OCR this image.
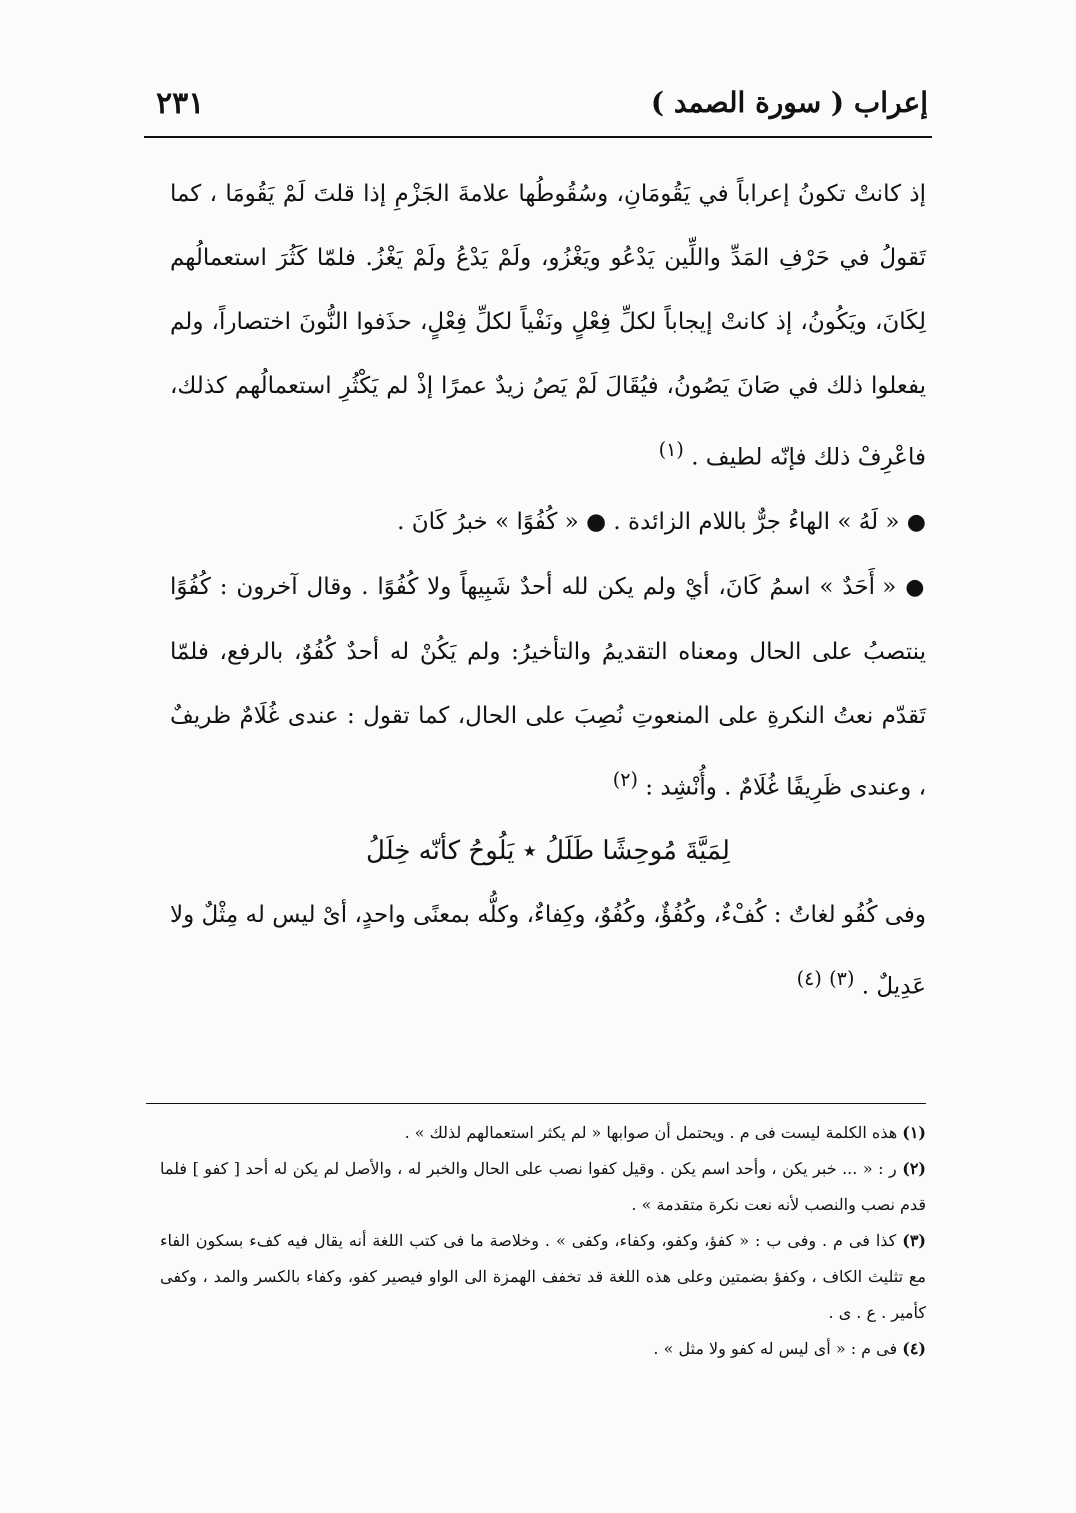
٢٣١	إعراب ( سورة الصمد )

إذ كانتْ تكونُ إعراباً في يَقُومَانِ، وسُقُوطُها علامةَ الجَزْمِ إذا قلتَ لَمْ يَقُومَا ، كما تَقولُ في حَرْفِ المَدِّ واللِّين يَدْعُو ويَغْزُو، ولَمْ يَدْعُ ولَمْ يَغْزُ. فلمّا كَثُرَ استعمالُهم لِكَانَ، ويَكُونُ، إذ كانتْ إيجاباً لكلِّ فِعْلٍ ونَفْياً لكلِّ فِعْلٍ، حذَفوا النُّونَ اختصاراً، ولم يفعلوا ذلك في صَانَ يَصُونُ، فيُقَالَ لَمْ يَصُ زيدٌ عمرًا إذْ لم يَكْثُرِ استعمالُهم كذلك، فاعْرِفْ ذلك فإنّه لطيف . $^{(١)}$

● « لَهُ » الهاءُ جرٌّ باللام الزائدة . ● « كُفُوًا » خبرُ كَانَ .

● « أَحَدٌ » اسمُ كَانَ، أيْ ولم يكن لله أحدٌ شَبِيهاً ولا كُفُوًا . وقال آخرون : كُفُوًا ينتصبُ على الحال ومعناه التقديمُ والتأخيرُ: ولم يَكُنْ له أحدٌ كُفُوٌ، بالرفع، فلمّا تَقدّم نعتُ النكرةِ على المنعوتِ نُصِبَ على الحال، كما تقول : عندى غُلَامٌ ظريفٌ ، وعندى ظَرِيفًا غُلَامٌ . وأُنْشِد : $^{(٢)}$

لِمَيَّةَ مُوحِشًا طَلَلُ ٭ يَلُوحُ كأنّه خِلَلُ

وفى كُفُو لغاتٌ : كُفْءٌ، وكُفُؤٌ، وكُفُوٌ، وكِفاءٌ، وكلُّه بمعنًى واحدٍ، أىْ ليس له مِثْلٌ ولا عَدِيلٌ . $^{(٣)}$ $^{(٤)}$

(١) هذه الكلمة ليست فى م . ويحتمل أن صوابها « لم يكثر استعمالهم لذلك » .

(٢) ر : « ... خبر يكن ، وأحد اسم يكن . وقيل كفوا نصب على الحال والخبر له ، والأصل لم يكن له أحد [ كفو ] فلما قدم نصب والنصب لأنه نعت نكرة متقدمة » .

(٣) كذا فى م . وفى ب : « كفؤ، وكفو، وكفاء، وكفى » . وخلاصة ما فى كتب اللغة أنه يقال فيه كفء بسكون الفاء مع تثليث الكاف ، وكفؤ بضمتين وعلى هذه اللغة قد تخفف الهمزة الى الواو فيصير كفو، وكفاء بالكسر والمد ، وكفى كأمير . ع . ى .

(٤) فى م : « أى ليس له كفو ولا مثل » .
